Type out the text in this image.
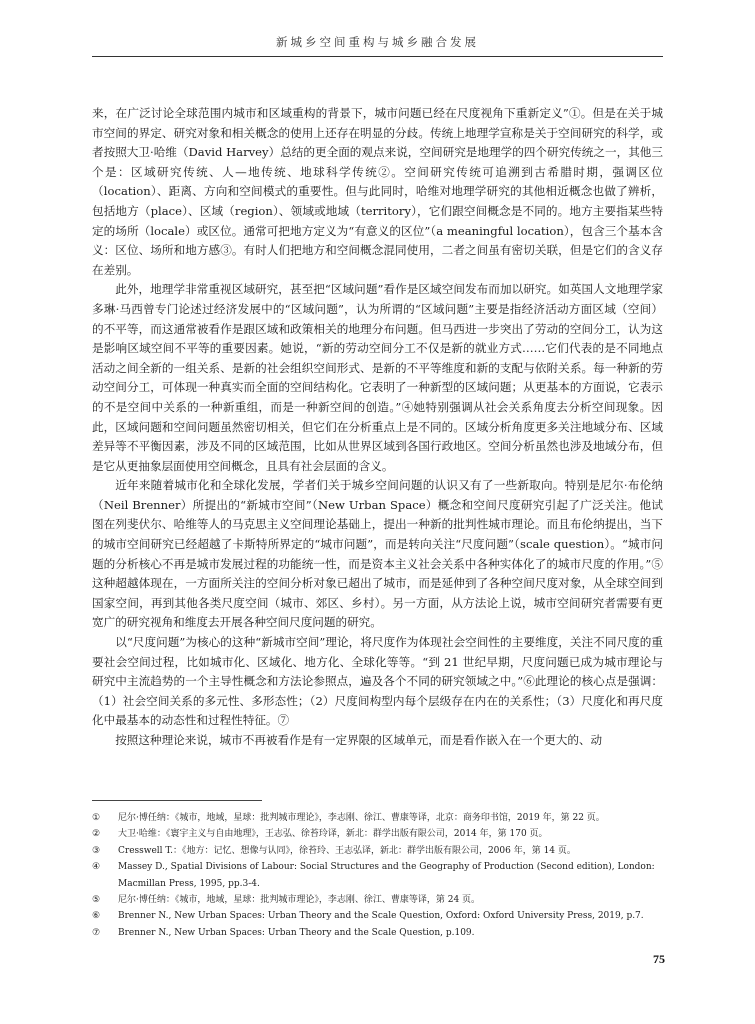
新城乡空间重构与城乡融合发展

来，在广泛讨论全球范围内城市和区域重构的背景下，城市问题已经在尺度视角下重新定义”①。但是在关于城市空间的界定、研究对象和相关概念的使用上还存在明显的分歧。传统上地理学宣称是关于空间研究的科学，或者按照大卫·哈维（David Harvey）总结的更全面的观点来说，空间研究是地理学的四个研究传统之一，其他三个是：区域研究传统、人—地传统、地球科学传统②。空间研究传统可追溯到古希腊时期，强调区位（location）、距离、方向和空间模式的重要性。但与此同时，哈维对地理学研究的其他相近概念也做了辨析，包括地方（place）、区域（region）、领域或地域（territory），它们跟空间概念是不同的。地方主要指某些特定的场所（locale）或区位。通常可把地方定义为“有意义的区位”（a meaningful location），包含三个基本含义：区位、场所和地方感③。有时人们把地方和空间概念混同使用，二者之间虽有密切关联，但是它们的含义存在差别。

此外，地理学非常重视区域研究，甚至把“区域问题”看作是区域空间发布而加以研究。如英国人文地理学家多琳·马西曾专门论述过经济发展中的“区域问题”，认为所谓的“区域问题”主要是指经济活动方面区域（空间）的不平等，而这通常被看作是跟区域和政策相关的地理分布问题。但马西进一步突出了劳动的空间分工，认为这是影响区域空间不平等的重要因素。她说，“新的劳动空间分工不仅是新的就业方式……它们代表的是不同地点活动之间全新的一组关系、是新的社会组织空间形式、是新的不平等维度和新的支配与依附关系。每一种新的劳动空间分工，可体现一种真实而全面的空间结构化。它表明了一种新型的区域问题；从更基本的方面说，它表示的不是空间中关系的一种新重组，而是一种新空间的创造。”④她特别强调从社会关系角度去分析空间现象。因此，区域问题和空间问题虽然密切相关，但它们在分析重点上是不同的。区域分析角度更多关注地域分布、区域差异等不平衡因素，涉及不同的区域范围，比如从世界区域到各国行政地区。空间分析虽然也涉及地域分布，但是它从更抽象层面使用空间概念，且具有社会层面的含义。

近年来随着城市化和全球化发展，学者们关于城乡空间问题的认识又有了一些新取向。特别是尼尔·布伦纳（Neil Brenner）所提出的“新城市空间”（New Urban Space）概念和空间尺度研究引起了广泛关注。他试图在列斐伏尔、哈维等人的马克思主义空间理论基础上，提出一种新的批判性城市理论。而且布伦纳提出，当下的城市空间研究已经超越了卡斯特所界定的“城市问题”，而是转向关注“尺度问题”（scale question）。“城市问题的分析核心不再是城市发展过程的功能统一性，而是资本主义社会关系中各种实体化了的城市尺度的作用。”⑤这种超越体现在，一方面所关注的空间分析对象已超出了城市，而是延伸到了各种空间尺度对象，从全球空间到国家空间，再到其他各类尺度空间（城市、郊区、乡村）。另一方面，从方法论上说，城市空间研究者需要有更宽广的研究视角和维度去开展各种空间尺度问题的研究。

以“尺度问题”为核心的这种“新城市空间”理论，将尺度作为体现社会空间性的主要维度，关注不同尺度的重要社会空间过程，比如城市化、区域化、地方化、全球化等等。“到 21 世纪早期，尺度问题已成为城市理论与研究中主流趋势的一个主导性概念和方法论参照点，遍及各个不同的研究领域之中。”⑥此理论的核心点是强调：（1）社会空间关系的多元性、多形态性；（2）尺度间构型内每个层级存在内在的关系性；（3）尺度化和再尺度化中最基本的动态性和过程性特征。⑦

按照这种理论来说，城市不再被看作是有一定界限的区域单元，而是看作嵌入在一个更大的、动

①	尼尔·博任纳：《城市，地域，星球：批判城市理论》，李志刚、徐江、曹康等译，北京：商务印书馆，2019 年，第 22 页。
②	大卫·哈维：《寰宇主义与自由地理》，王志弘、徐苔玲译，新北：群学出版有限公司，2014 年，第 170 页。
③	Cresswell T.：《地方：记忆、想像与认同》，徐苔玲、王志弘译，新北：群学出版有限公司，2006 年，第 14 页。
④	Massey D., Spatial Divisions of Labour: Social Structures and the Geography of Production (Second edition), London: Macmillan Press, 1995, pp.3-4.
⑤	尼尔·博任纳：《城市，地域，星球：批判城市理论》，李志刚、徐江、曹康等译，第 24 页。
⑥	Brenner N., New Urban Spaces: Urban Theory and the Scale Question, Oxford: Oxford University Press, 2019, p.7.
⑦	Brenner N., New Urban Spaces: Urban Theory and the Scale Question, p.109.
75
